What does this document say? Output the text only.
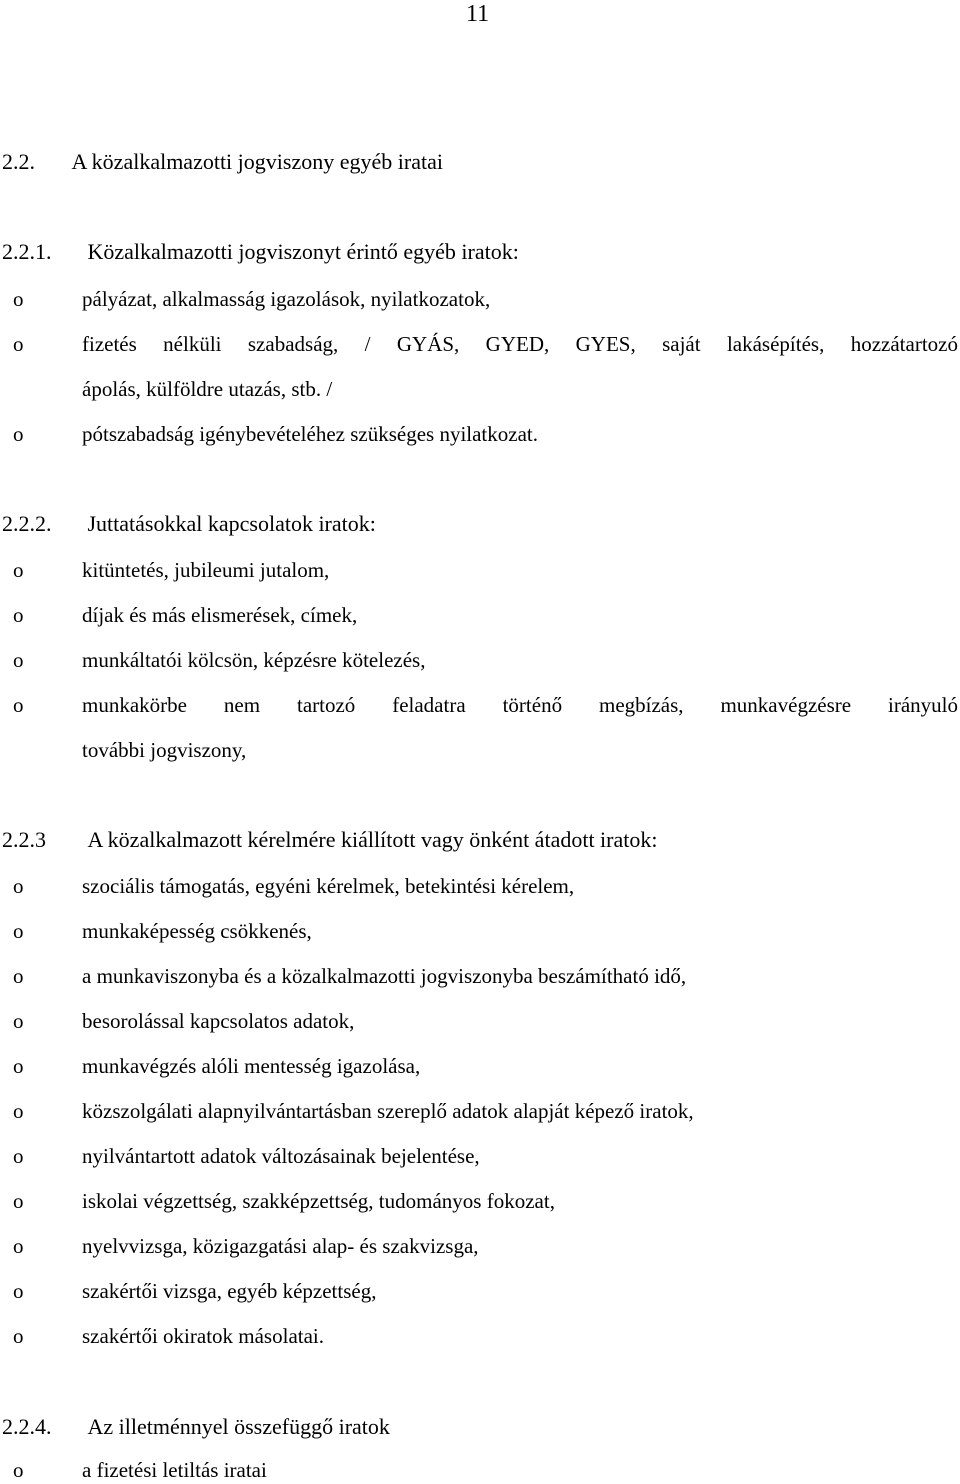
11
2.2. A közalkalmazotti jogviszony egyéb iratai
2.2.1. Közalkalmazotti jogviszonyt érintő egyéb iratok:
o	pályázat, alkalmasság igazolások, nyilatkozatok,
o	fizetés nélküli szabadság, / GYÁS, GYED, GYES, saját lakásépítés, hozzátartozó
ápolás, külföldre utazás, stb. /
o	pótszabadság igénybevételéhez szükséges nyilatkozat.
2.2.2. Juttatásokkal kapcsolatok iratok:
o	kitüntetés, jubileumi jutalom,
o	díjak és más elismerések, címek,
o	munkáltatói kölcsön, képzésre kötelezés,
o	munkakörbe nem tartozó feladatra történő megbízás, munkavégzésre irányuló
további jogviszony,
2.2.3 A közalkalmazott kérelmére kiállított vagy önként átadott iratok:
o	szociális támogatás, egyéni kérelmek, betekintési kérelem,
o	munkaképesség csökkenés,
o	a munkaviszonyba és a közalkalmazotti jogviszonyba beszámítható idő,
o	besorolással kapcsolatos adatok,
o	munkavégzés alóli mentesség igazolása,
o	közszolgálati alapnyilvántartásban szereplő adatok alapját képező iratok,
o	nyilvántartott adatok változásainak bejelentése,
o	iskolai végzettség, szakképzettség, tudományos fokozat,
o	nyelvvizsga, közigazgatási alap- és szakvizsga,
o	szakértői vizsga, egyéb képzettség,
o	szakértői okiratok másolatai.
2.2.4. Az illetménnyel összefüggő iratok
o	a fizetési letiltás iratai
